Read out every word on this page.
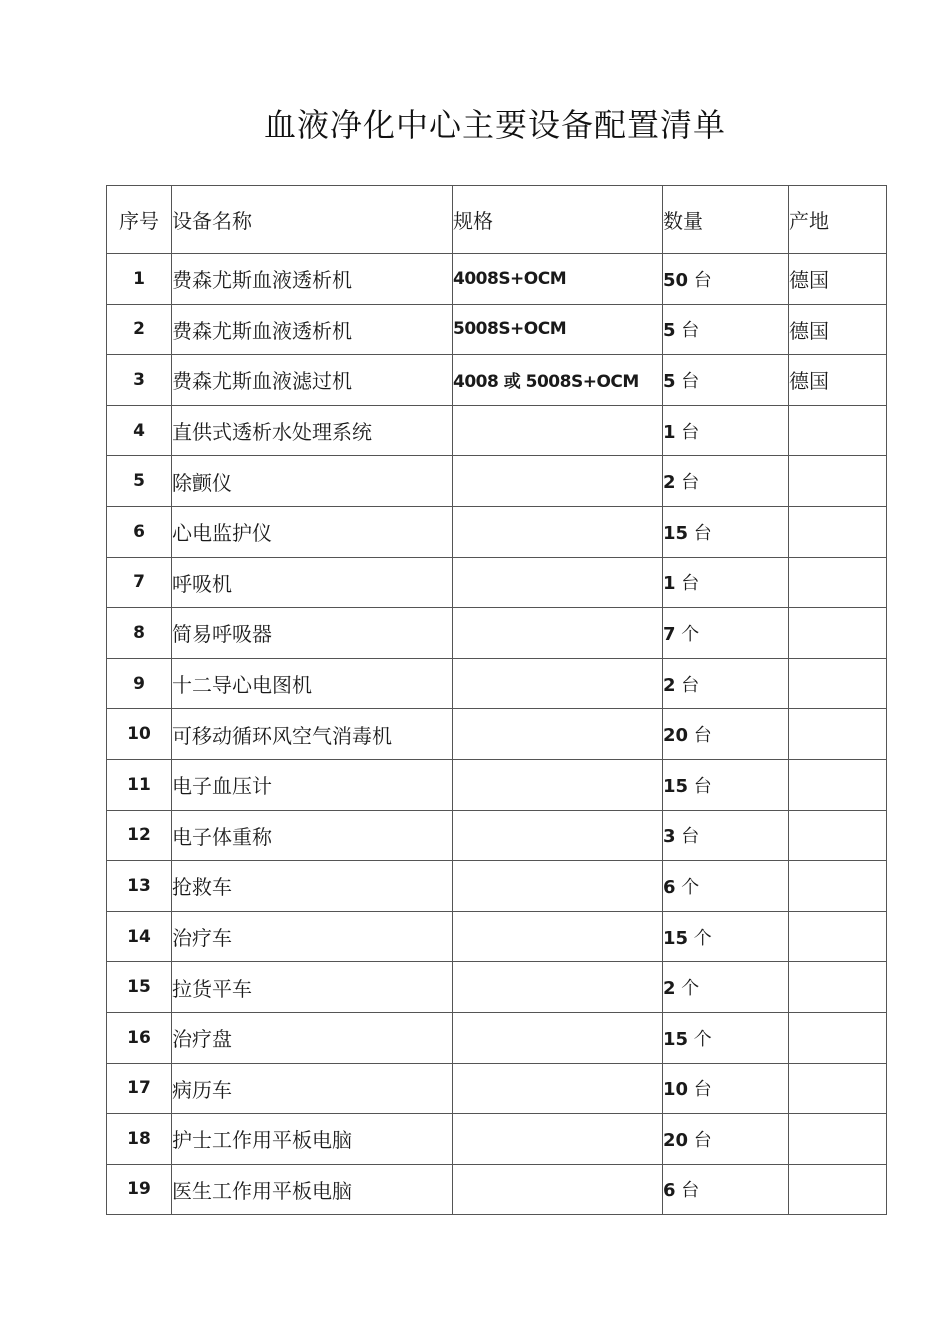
血液净化中心主要设备配置清单
序号	设备名称	规格	数量	产地
1	费森尤斯血液透析机	4008S+OCM	50 台	德国
2	费森尤斯血液透析机	5008S+OCM	5 台	德国
3	费森尤斯血液滤过机	4008 或 5008S+OCM	5 台	德国
4	直供式透析水处理系统		1 台	
5	除颤仪		2 台	
6	心电监护仪		15 台	
7	呼吸机		1 台	
8	简易呼吸器		7 个	
9	十二导心电图机		2 台	
10	可移动循环风空气消毒机		20 台	
11	电子血压计		15 台	
12	电子体重称		3 台	
13	抢救车		6 个	
14	治疗车		15 个	
15	拉货平车		2 个	
16	治疗盘		15 个	
17	病历车		10 台	
18	护士工作用平板电脑		20 台	
19	医生工作用平板电脑		6 台	
